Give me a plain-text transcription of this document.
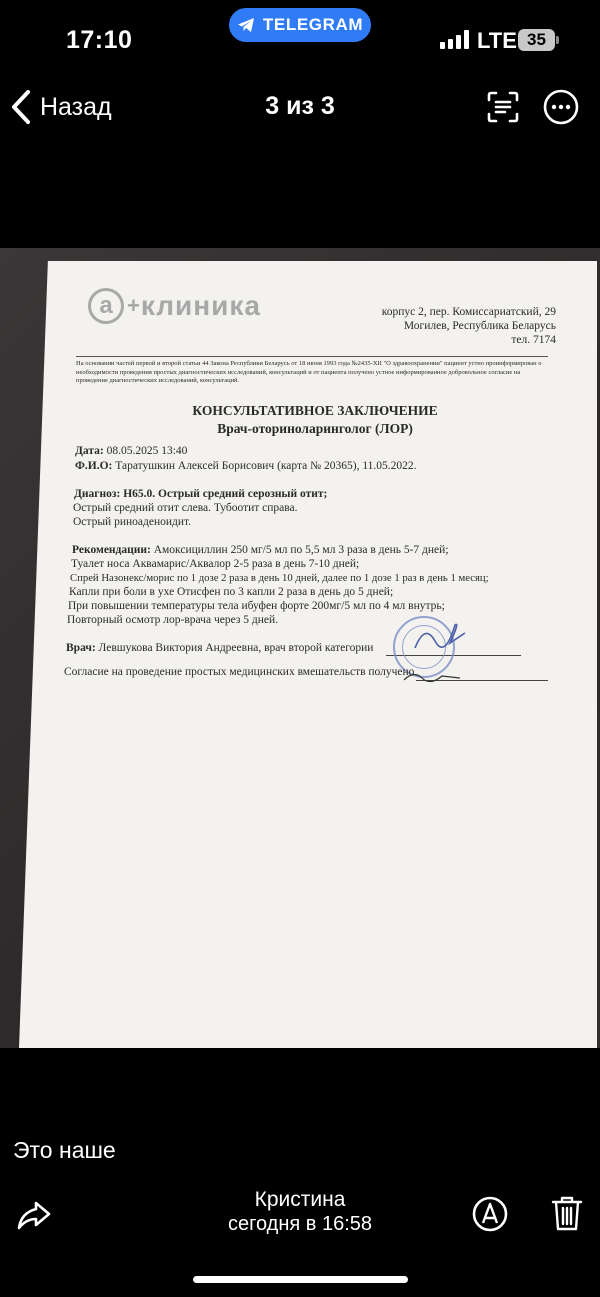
17:10
TELEGRAM
LTE 35
Назад	3 из 3
а + клиника	корпус 2, пер. Комиссариатский, 29
Могилев, Республика Беларусь
тел. 7174
На основании частей первой и второй статьи 44 Закона Республики Беларусь от 18 июня 1993 года №2435-XII "О здравоохранении" пациент устно проинформирован о необходимости проведения простых диагностических исследований, консультаций и от пациента получено устное информированное добровольное согласие на проведение диагностических исследований, консультаций.
КОНСУЛЬТАТИВНОЕ ЗАКЛЮЧЕНИЕ
Врач-оториноларинголог (ЛОР)
Дата: 08.05.2025 13:40
Ф.И.О: Таратушкин Алексей Борисович (карта № 20365), 11.05.2022.
Диагноз: H65.0. Острый средний серозный отит;
Острый средний отит слева. Тубоотит справа.
Острый риноаденоидит.
Рекомендации: Амоксициллин 250 мг/5 мл по 5,5 мл 3 раза в день 5-7 дней;
Туалет носа Аквамарис/Аквалор 2-5 раза в день 7-10 дней;
Спрей Назонекс/морис по 1 дозе 2 раза в день 10 дней, далее по 1 дозе 1 раз в день 1 месяц;
Капли при боли в ухе Отисфен по 3 капли 2 раза в день до 5 дней;
При повышении температуры тела ибуфен форте 200мг/5 мл по 4 мл внутрь;
Повторный осмотр лор-врача через 5 дней.
Врач: Левшукова Виктория Андреевна, врач второй категории
Согласие на проведение простых медицинских вмешательств получено
Это наше
Кристина
сегодня в 16:58
